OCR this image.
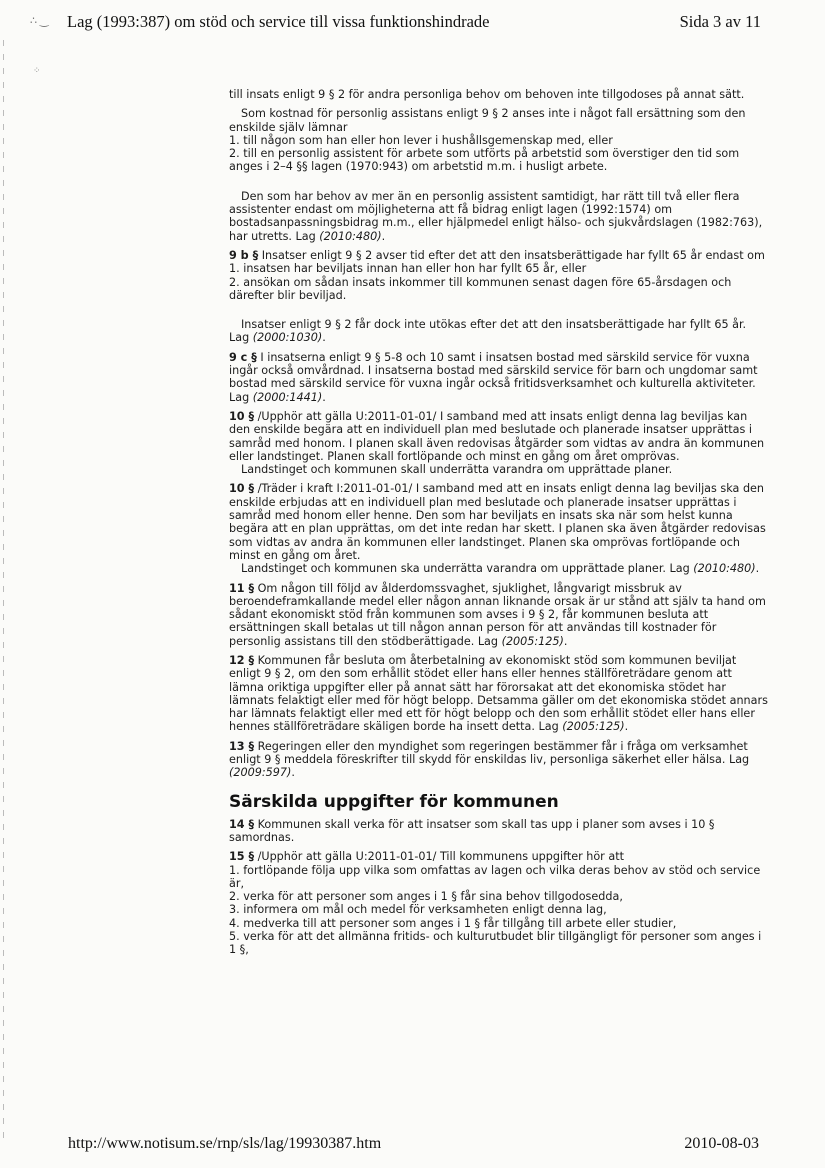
∴ ‿ Lag (1993:387) om stöd och service till vissa funktionshindrade	Sida 3 av 11
⁘

till insats enligt 9 § 2 för andra personliga behov om behoven inte tillgodoses på annat sätt.

Som kostnad för personlig assistans enligt 9 § 2 anses inte i något fall ersättning som den enskilde själv lämnar

1. till någon som han eller hon lever i hushållsgemenskap med, eller

2. till en personlig assistent för arbete som utförts på arbetstid som överstiger den tid som anges i 2–4 §§ lagen (1970:943) om arbetstid m.m. i husligt arbete.

Den som har behov av mer än en personlig assistent samtidigt, har rätt till två eller flera assistenter endast om möjligheterna att få bidrag enligt lagen (1992:1574) om bostadsanpassningsbidrag m.m., eller hjälpmedel enligt hälso- och sjukvårdslagen (1982:763), har utretts. Lag (2010:480).

9 b § Insatser enligt 9 § 2 avser tid efter det att den insatsberättigade har fyllt 65 år endast om

1. insatsen har beviljats innan han eller hon har fyllt 65 år, eller

2. ansökan om sådan insats inkommer till kommunen senast dagen före 65-årsdagen och därefter blir beviljad.

Insatser enligt 9 § 2 får dock inte utökas efter det att den insatsberättigade har fyllt 65 år. Lag (2000:1030).

9 c § I insatserna enligt 9 § 5-8 och 10 samt i insatsen bostad med särskild service för vuxna ingår också omvårdnad. I insatserna bostad med särskild service för barn och ungdomar samt bostad med särskild service för vuxna ingår också fritidsverksamhet och kulturella aktiviteter. Lag (2000:1441).

10 § /Upphör att gälla U:2011-01-01/ I samband med att insats enligt denna lag beviljas kan den enskilde begära att en individuell plan med beslutade och planerade insatser upprättas i samråd med honom. I planen skall även redovisas åtgärder som vidtas av andra än kommunen eller landstinget. Planen skall fortlöpande och minst en gång om året omprövas.

Landstinget och kommunen skall underrätta varandra om upprättade planer.

10 § /Träder i kraft I:2011-01-01/ I samband med att en insats enligt denna lag beviljas ska den enskilde erbjudas att en individuell plan med beslutade och planerade insatser upprättas i samråd med honom eller henne. Den som har beviljats en insats ska när som helst kunna begära att en plan upprättas, om det inte redan har skett. I planen ska även åtgärder redovisas som vidtas av andra än kommunen eller landstinget. Planen ska omprövas fortlöpande och minst en gång om året.

Landstinget och kommunen ska underrätta varandra om upprättade planer. Lag (2010:480).

11 § Om någon till följd av ålderdomssvaghet, sjuklighet, långvarigt missbruk av beroendeframkallande medel eller någon annan liknande orsak är ur stånd att själv ta hand om sådant ekonomiskt stöd från kommunen som avses i 9 § 2, får kommunen besluta att ersättningen skall betalas ut till någon annan person för att användas till kostnader för personlig assistans till den stödberättigade. Lag (2005:125).

12 § Kommunen får besluta om återbetalning av ekonomiskt stöd som kommunen beviljat enligt 9 § 2, om den som erhållit stödet eller hans eller hennes ställföreträdare genom att lämna oriktiga uppgifter eller på annat sätt har förorsakat att det ekonomiska stödet har lämnats felaktigt eller med för högt belopp. Detsamma gäller om det ekonomiska stödet annars har lämnats felaktigt eller med ett för högt belopp och den som erhållit stödet eller hans eller hennes ställföreträdare skäligen borde ha insett detta. Lag (2005:125).

13 § Regeringen eller den myndighet som regeringen bestämmer får i fråga om verksamhet enligt 9 § meddela föreskrifter till skydd för enskildas liv, personliga säkerhet eller hälsa. Lag (2009:597).

Särskilda uppgifter för kommunen

14 § Kommunen skall verka för att insatser som skall tas upp i planer som avses i 10 § samordnas.

15 § /Upphör att gälla U:2011-01-01/ Till kommunens uppgifter hör att

1. fortlöpande följa upp vilka som omfattas av lagen och vilka deras behov av stöd och service är,

2. verka för att personer som anges i 1 § får sina behov tillgodosedda,

3. informera om mål och medel för verksamheten enligt denna lag,

4. medverka till att personer som anges i 1 § får tillgång till arbete eller studier,

5. verka för att det allmänna fritids- och kulturutbudet blir tillgängligt för personer som anges i 1 §,

http://www.notisum.se/rnp/sls/lag/19930387.htm	2010-08-03
